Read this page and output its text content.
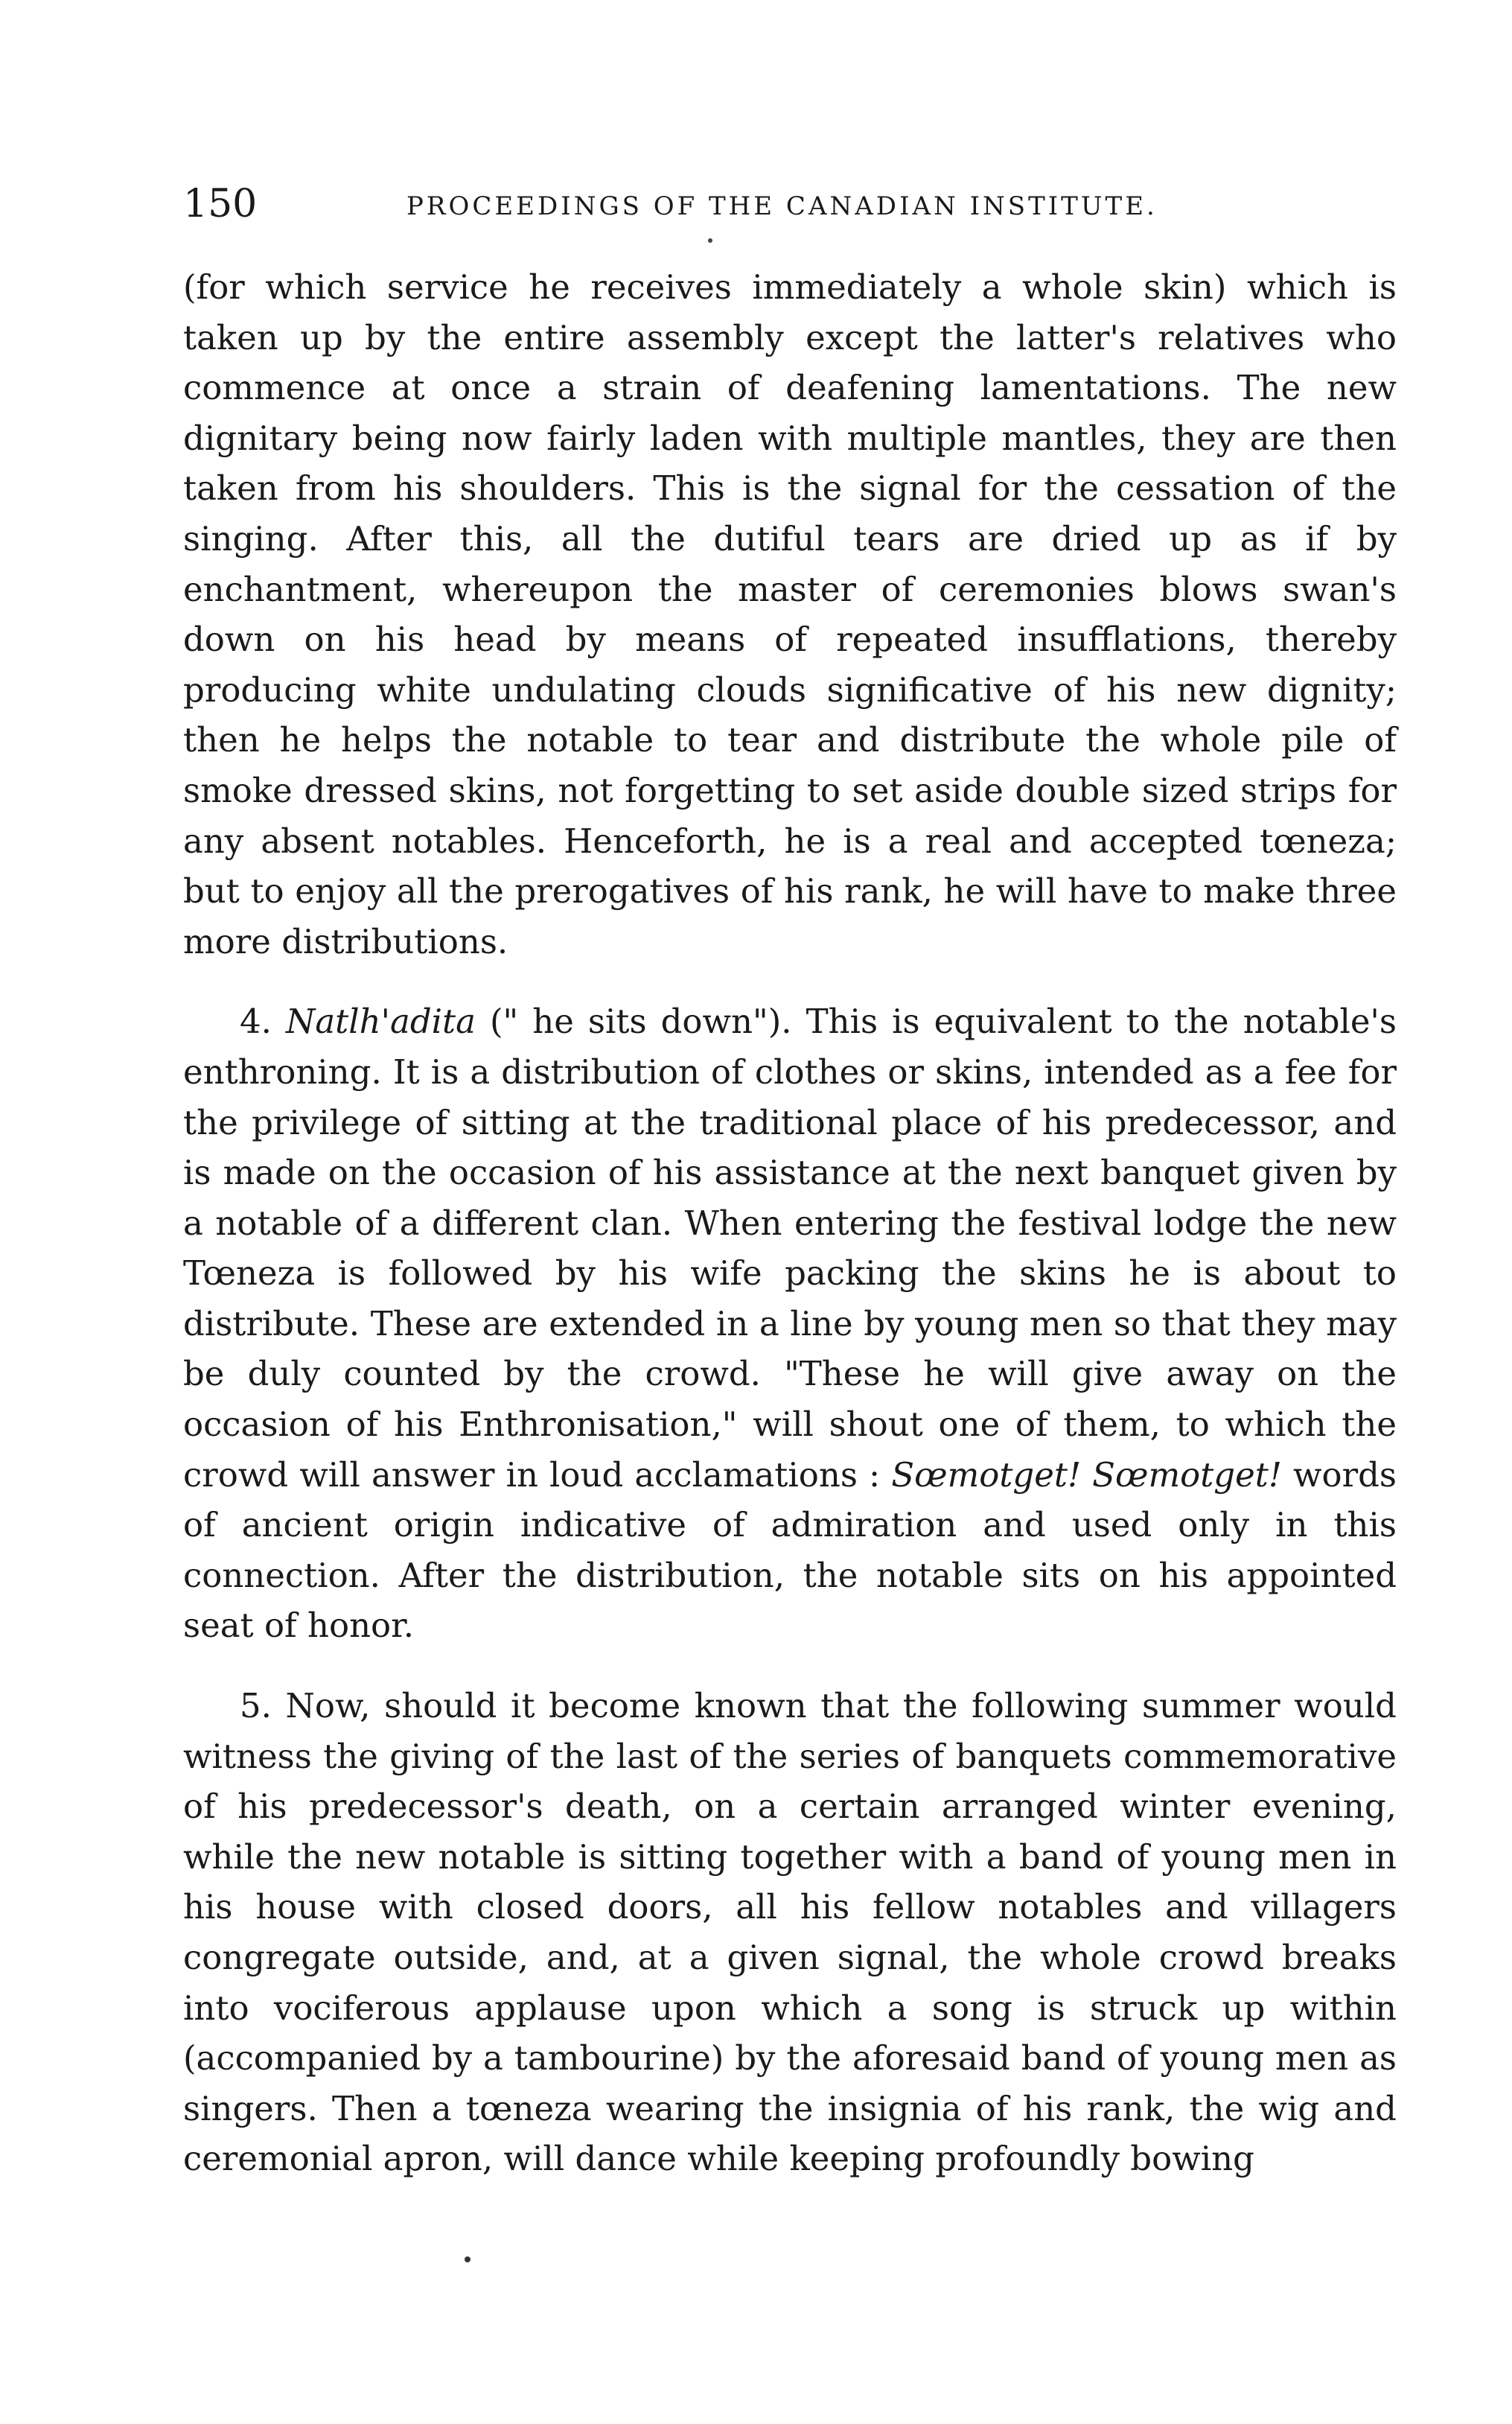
150	PROCEEDINGS OF THE CANADIAN INSTITUTE.

(for which service he receives immediately a whole skin) which is taken up by the entire assembly except the latter's relatives who commence at once a strain of deafening lamentations. The new dignitary being now fairly laden with multiple mantles, they are then taken from his shoulders. This is the signal for the cessation of the singing. After this, all the dutiful tears are dried up as if by enchantment, whereupon the master of ceremonies blows swan's down on his head by means of repeated insufflations, thereby producing white undulating clouds significative of his new dignity; then he helps the notable to tear and distribute the whole pile of smoke dressed skins, not forgetting to set aside double sized strips for any absent notables. Henceforth, he is a real and accepted tœneza; but to enjoy all the prerogatives of his rank, he will have to make three more distributions.

4. Natlh'adita (" he sits down"). This is equivalent to the notable's enthroning. It is a distribution of clothes or skins, intended as a fee for the privilege of sitting at the traditional place of his predecessor, and is made on the occasion of his assistance at the next banquet given by a notable of a different clan. When entering the festival lodge the new Tœneza is followed by his wife packing the skins he is about to distribute. These are extended in a line by young men so that they may be duly counted by the crowd. "These he will give away on the occasion of his Enthronisation," will shout one of them, to which the crowd will answer in loud acclamations : Sœmotget! Sœmotget! words of ancient origin indicative of admiration and used only in this connection. After the distribution, the notable sits on his appointed seat of honor.

5. Now, should it become known that the following summer would witness the giving of the last of the series of banquets commemorative of his predecessor's death, on a certain arranged winter evening, while the new notable is sitting together with a band of young men in his house with closed doors, all his fellow notables and villagers congregate outside, and, at a given signal, the whole crowd breaks into vociferous applause upon which a song is struck up within (accompanied by a tambourine) by the aforesaid band of young men as singers. Then a tœneza wearing the insignia of his rank, the wig and ceremonial apron, will dance while keeping profoundly bowing
